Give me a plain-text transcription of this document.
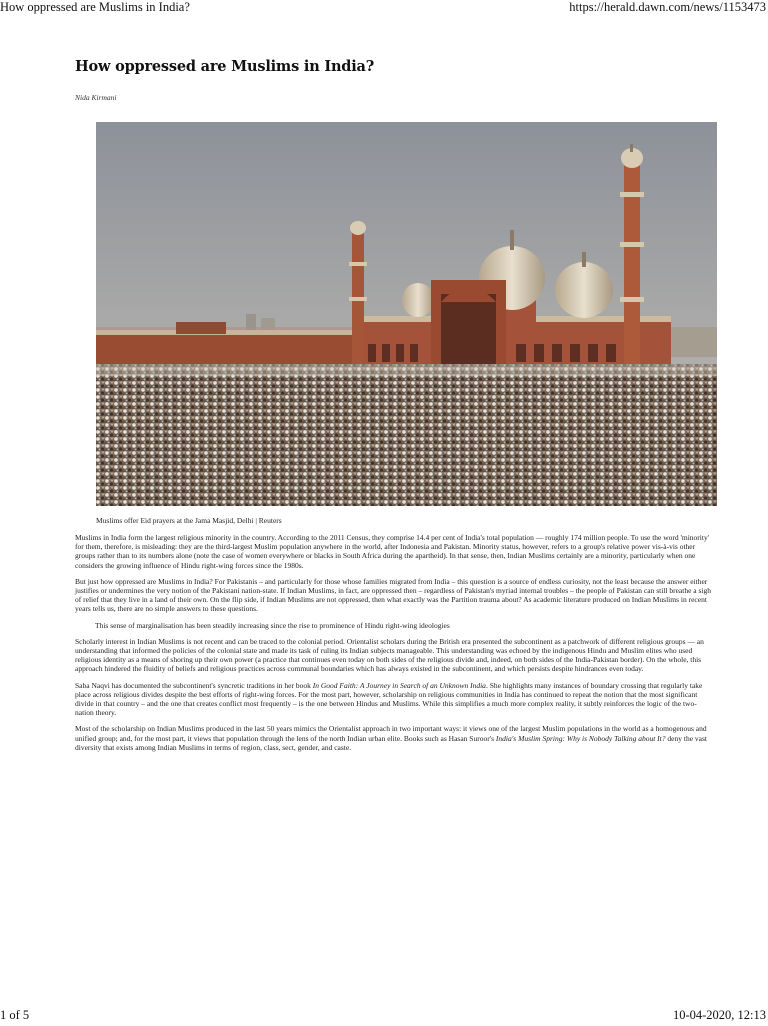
How oppressed are Muslims in India?	https://herald.dawn.com/news/1153473
How oppressed are Muslims in India?
Nida Kirmani
Muslims offer Eid prayers at the Jama Masjid, Delhi | Reuters

Muslims in India form the largest religious minority in the country. According to the 2011 Census, they comprise 14.4 per cent of India's total population — roughly 174 million people. To use the word 'minority' for them, therefore, is misleading: they are the third-largest Muslim population anywhere in the world, after Indonesia and Pakistan. Minority status, however, refers to a group's relative power vis-à-vis other groups rather than to its numbers alone (note the case of women everywhere or blacks in South Africa during the apartheid). In that sense, then, Indian Muslims certainly are a minority, particularly when one considers the growing influence of Hindu right-wing forces since the 1980s.

But just how oppressed are Muslims in India? For Pakistanis – and particularly for those whose families migrated from India – this question is a source of endless curiosity, not the least because the answer either justifies or undermines the very notion of the Pakistani nation-state. If Indian Muslims, in fact, are oppressed then – regardless of Pakistan's myriad internal troubles – the people of Pakistan can still breathe a sigh of relief that they live in a land of their own. On the flip side, if Indian Muslims are not oppressed, then what exactly was the Partition trauma about? As academic literature produced on Indian Muslims in recent years tells us, there are no simple answers to these questions.

This sense of marginalisation has been steadily increasing since the rise to prominence of Hindu right-wing ideologies

Scholarly interest in Indian Muslims is not recent and can be traced to the colonial period. Orientalist scholars during the British era presented the subcontinent as a patchwork of different religious groups — an understanding that informed the policies of the colonial state and made its task of ruling its Indian subjects manageable. This understanding was echoed by the indigenous Hindu and Muslim elites who used religious identity as a means of shoring up their own power (a practice that continues even today on both sides of the religious divide and, indeed, on both sides of the India-Pakistan border). On the whole, this approach hindered the fluidity of beliefs and religious practices across communal boundaries which has always existed in the subcontinent, and which persists despite hindrances even today.

Saba Naqvi has documented the subcontinent's syncretic traditions in her book In Good Faith: A Journey in Search of an Unknown India. She highlights many instances of boundary crossing that regularly take place across religious divides despite the best efforts of right-wing forces. For the most part, however, scholarship on religious communities in India has continued to repeat the notion that the most significant divide in that country – and the one that creates conflict most frequently – is the one between Hindus and Muslims. While this simplifies a much more complex reality, it subtly reinforces the logic of the two-nation theory.

Most of the scholarship on Indian Muslims produced in the last 50 years mimics the Orientalist approach in two important ways: it views one of the largest Muslim populations in the world as a homogenous and unified group; and, for the most part, it views that population through the lens of the north Indian urban elite. Books such as Hasan Suroor's India's Muslim Spring: Why is Nobody Talking about It? deny the vast diversity that exists among Indian Muslims in terms of region, class, sect, gender, and caste.

1 of 5	10-04-2020, 12:13
